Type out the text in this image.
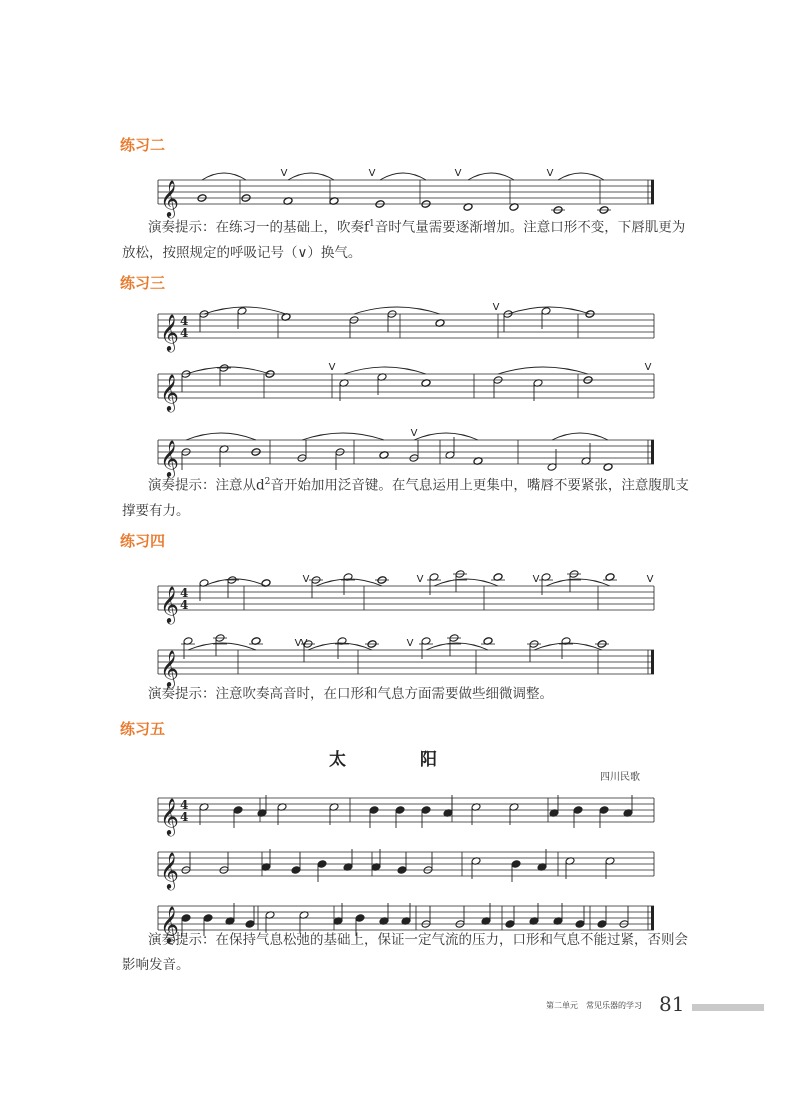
练习二
𝄞
V	V	V	V

演奏提示：在练习一的基础上，吹奏$f^1$音时气量需要逐渐增加。注意口形不变，下唇肌更为放松，按照规定的呼吸记号（∨）换气。

练习三
𝄞 4
4
V
𝄞
V	V
𝄞
V

演奏提示：注意从$d^2$音开始加用泛音键。在气息运用上更集中，嘴唇不要紧张，注意腹肌支撑要有力。

练习四
𝄞 4
4
V	V	V	V
𝄞
V V	V

演奏提示：注意吹奏高音时，在口形和气息方面需要做些细微调整。

练习五
太 阳
四川民歌
𝄞 4
4
𝄞
𝄞

演奏提示：在保持气息松弛的基础上，保证一定气流的压力，口形和气息不能过紧，否则会影响发音。

第二单元　常见乐器的学习 81
